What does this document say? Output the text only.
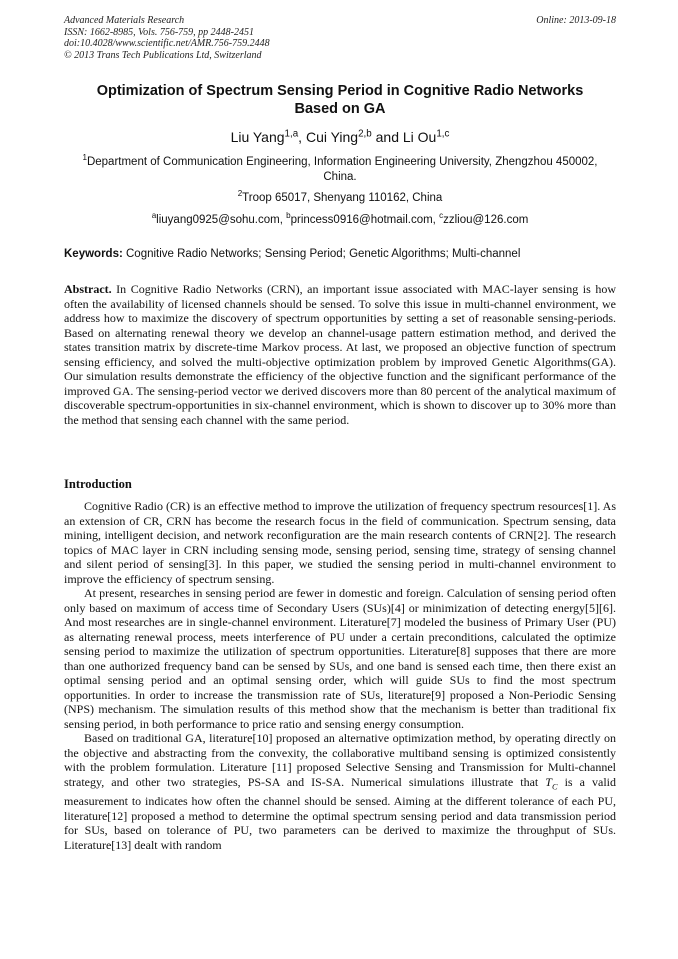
Advanced Materials Research
ISSN: 1662-8985, Vols. 756-759, pp 2448-2451
doi:10.4028/www.scientific.net/AMR.756-759.2448
© 2013 Trans Tech Publications Ltd, Switzerland
Online: 2013-09-18
Optimization of Spectrum Sensing Period in Cognitive Radio Networks
Based on GA
Liu Yang$^{1,a}$, Cui Ying$^{2,b}$ and Li Ou$^{1,c}$
$^1$Department of Communication Engineering, Information Engineering University, Zhengzhou 450002, China.
$^2$Troop 65017, Shenyang 110162, China
$^a$liuyang0925@sohu.com, $^b$princess0916@hotmail.com, $^c$zzliou@126.com
Keywords: Cognitive Radio Networks; Sensing Period; Genetic Algorithms; Multi-channel
Abstract. In Cognitive Radio Networks (CRN), an important issue associated with MAC-layer sensing is how often the availability of licensed channels should be sensed. To solve this issue in multi-channel environment, we address how to maximize the discovery of spectrum opportunities by setting a set of reasonable sensing-periods. Based on alternating renewal theory we develop an channel-usage pattern estimation method, and derived the states transition matrix by discrete-time Markov process. At last, we proposed an objective function of spectrum sensing efficiency, and solved the multi-objective optimization problem by improved Genetic Algorithms(GA). Our simulation results demonstrate the efficiency of the objective function and the significant performance of the improved GA. The sensing-period vector we derived discovers more than 80 percent of the analytical maximum of discoverable spectrum-opportunities in six-channel environment, which is shown to discover up to 30% more than the method that sensing each channel with the same period.
Introduction

Cognitive Radio (CR) is an effective method to improve the utilization of frequency spectrum resources[1]. As an extension of CR, CRN has become the research focus in the field of communication. Spectrum sensing, data mining, intelligent decision, and network reconfiguration are the main research contents of CRN[2]. The research topics of MAC layer in CRN including sensing mode, sensing period, sensing time, strategy of sensing channel and silent period of sensing[3]. In this paper, we studied the sensing period in multi-channel environment to improve the efficiency of spectrum sensing.

At present, researches in sensing period are fewer in domestic and foreign. Calculation of sensing period often only based on maximum of access time of Secondary Users (SUs)[4] or minimization of detecting energy[5][6]. And most researches are in single-channel environment. Literature[7] modeled the business of Primary User (PU) as alternating renewal process, meets interference of PU under a certain preconditions, calculated the optimize sensing period to maximize the utilization of spectrum opportunities. Literature[8] supposes that there are more than one authorized frequency band can be sensed by SUs, and one band is sensed each time, then there exist an optimal sensing period and an optimal sensing order, which will guide SUs to find the most spectrum opportunities. In order to increase the transmission rate of SUs, literature[9] proposed a Non-Periodic Sensing (NPS) mechanism. The simulation results of this method show that the mechanism is better than traditional fix sensing period, in both performance to price ratio and sensing energy consumption.

Based on traditional GA, literature[10] proposed an alternative optimization method, by operating directly on the objective and abstracting from the convexity, the collaborative multiband sensing is optimized consistently with the problem formulation. Literature [11] proposed Selective Sensing and Transmission for Multi-channel strategy, and other two strategies, PS-SA and IS-SA. Numerical simulations illustrate that $T_C$ is a valid measurement to indicates how often the channel should be sensed. Aiming at the different tolerance of each PU, literature[12] proposed a method to determine the optimal spectrum sensing period and data transmission period for SUs, based on tolerance of PU, two parameters can be derived to maximize the throughput of SUs. Literature[13] dealt with random
